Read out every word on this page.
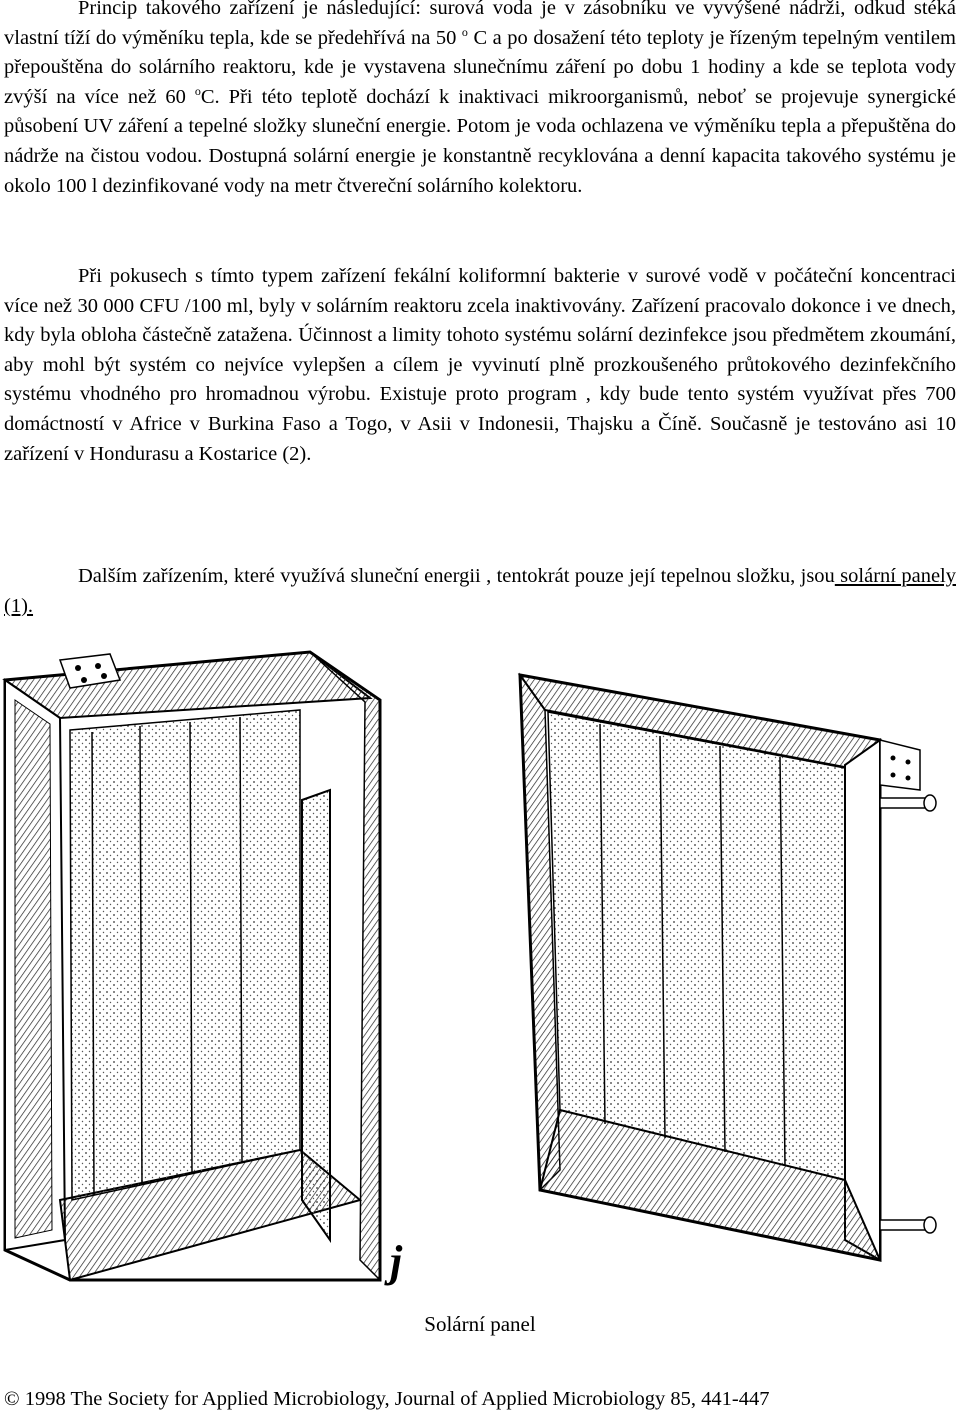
Princip takového zařízení je následující: surová voda je v zásobníku ve vyvýšené nádrži, odkud stéká vlastní tíží do výměníku tepla, kde se předehřívá na 50 $^o$ C a po dosažení této teploty je řízeným tepelným ventilem přepouštěna do solárního reaktoru, kde je vystavena slunečnímu záření po dobu 1 hodiny a kde se teplota vody zvýší na více než 60 $^o$C. Při této teplotě dochází k inaktivaci mikroorganismů, neboť se projevuje synergické působení UV záření a tepelné složky sluneční energie. Potom je voda ochlazena ve výměníku tepla a přepuštěna do nádrže na čistou vodou. Dostupná solární energie je konstantně recyklována a denní kapacita takového systému je okolo 100 l dezinfikované vody na metr čtvereční solárního kolektoru.

Při pokusech s tímto typem zařízení fekální koliformní bakterie v surové vodě v počáteční koncentraci více než 30 000 CFU /100 ml, byly v solárním reaktoru zcela inaktivovány. Zařízení pracovalo dokonce i ve dnech, kdy byla obloha částečně zatažena. Účinnost a limity tohoto systému solární dezinfekce jsou předmětem zkoumání, aby mohl být systém co nejvíce vylepšen a cílem je vyvinutí plně prozkoušeného průtokového dezinfekčního systému vhodného pro hromadnou výrobu. Existuje proto program , kdy bude tento systém využívat přes 700 domáctností v Africe v Burkina Faso a Togo, v Asii v Indonesii, Thajsku a Číně. Současně je testováno asi 10 zařízení v Hondurasu a Kostarice (2).

Dalším zařízením, které využívá sluneční energii , tentokrát pouze její tepelnou složku, jsou solární panely (1).

j
Solární panel
© 1998 The Society for Applied Microbiology, Journal of Applied Microbiology 85, 441-447
